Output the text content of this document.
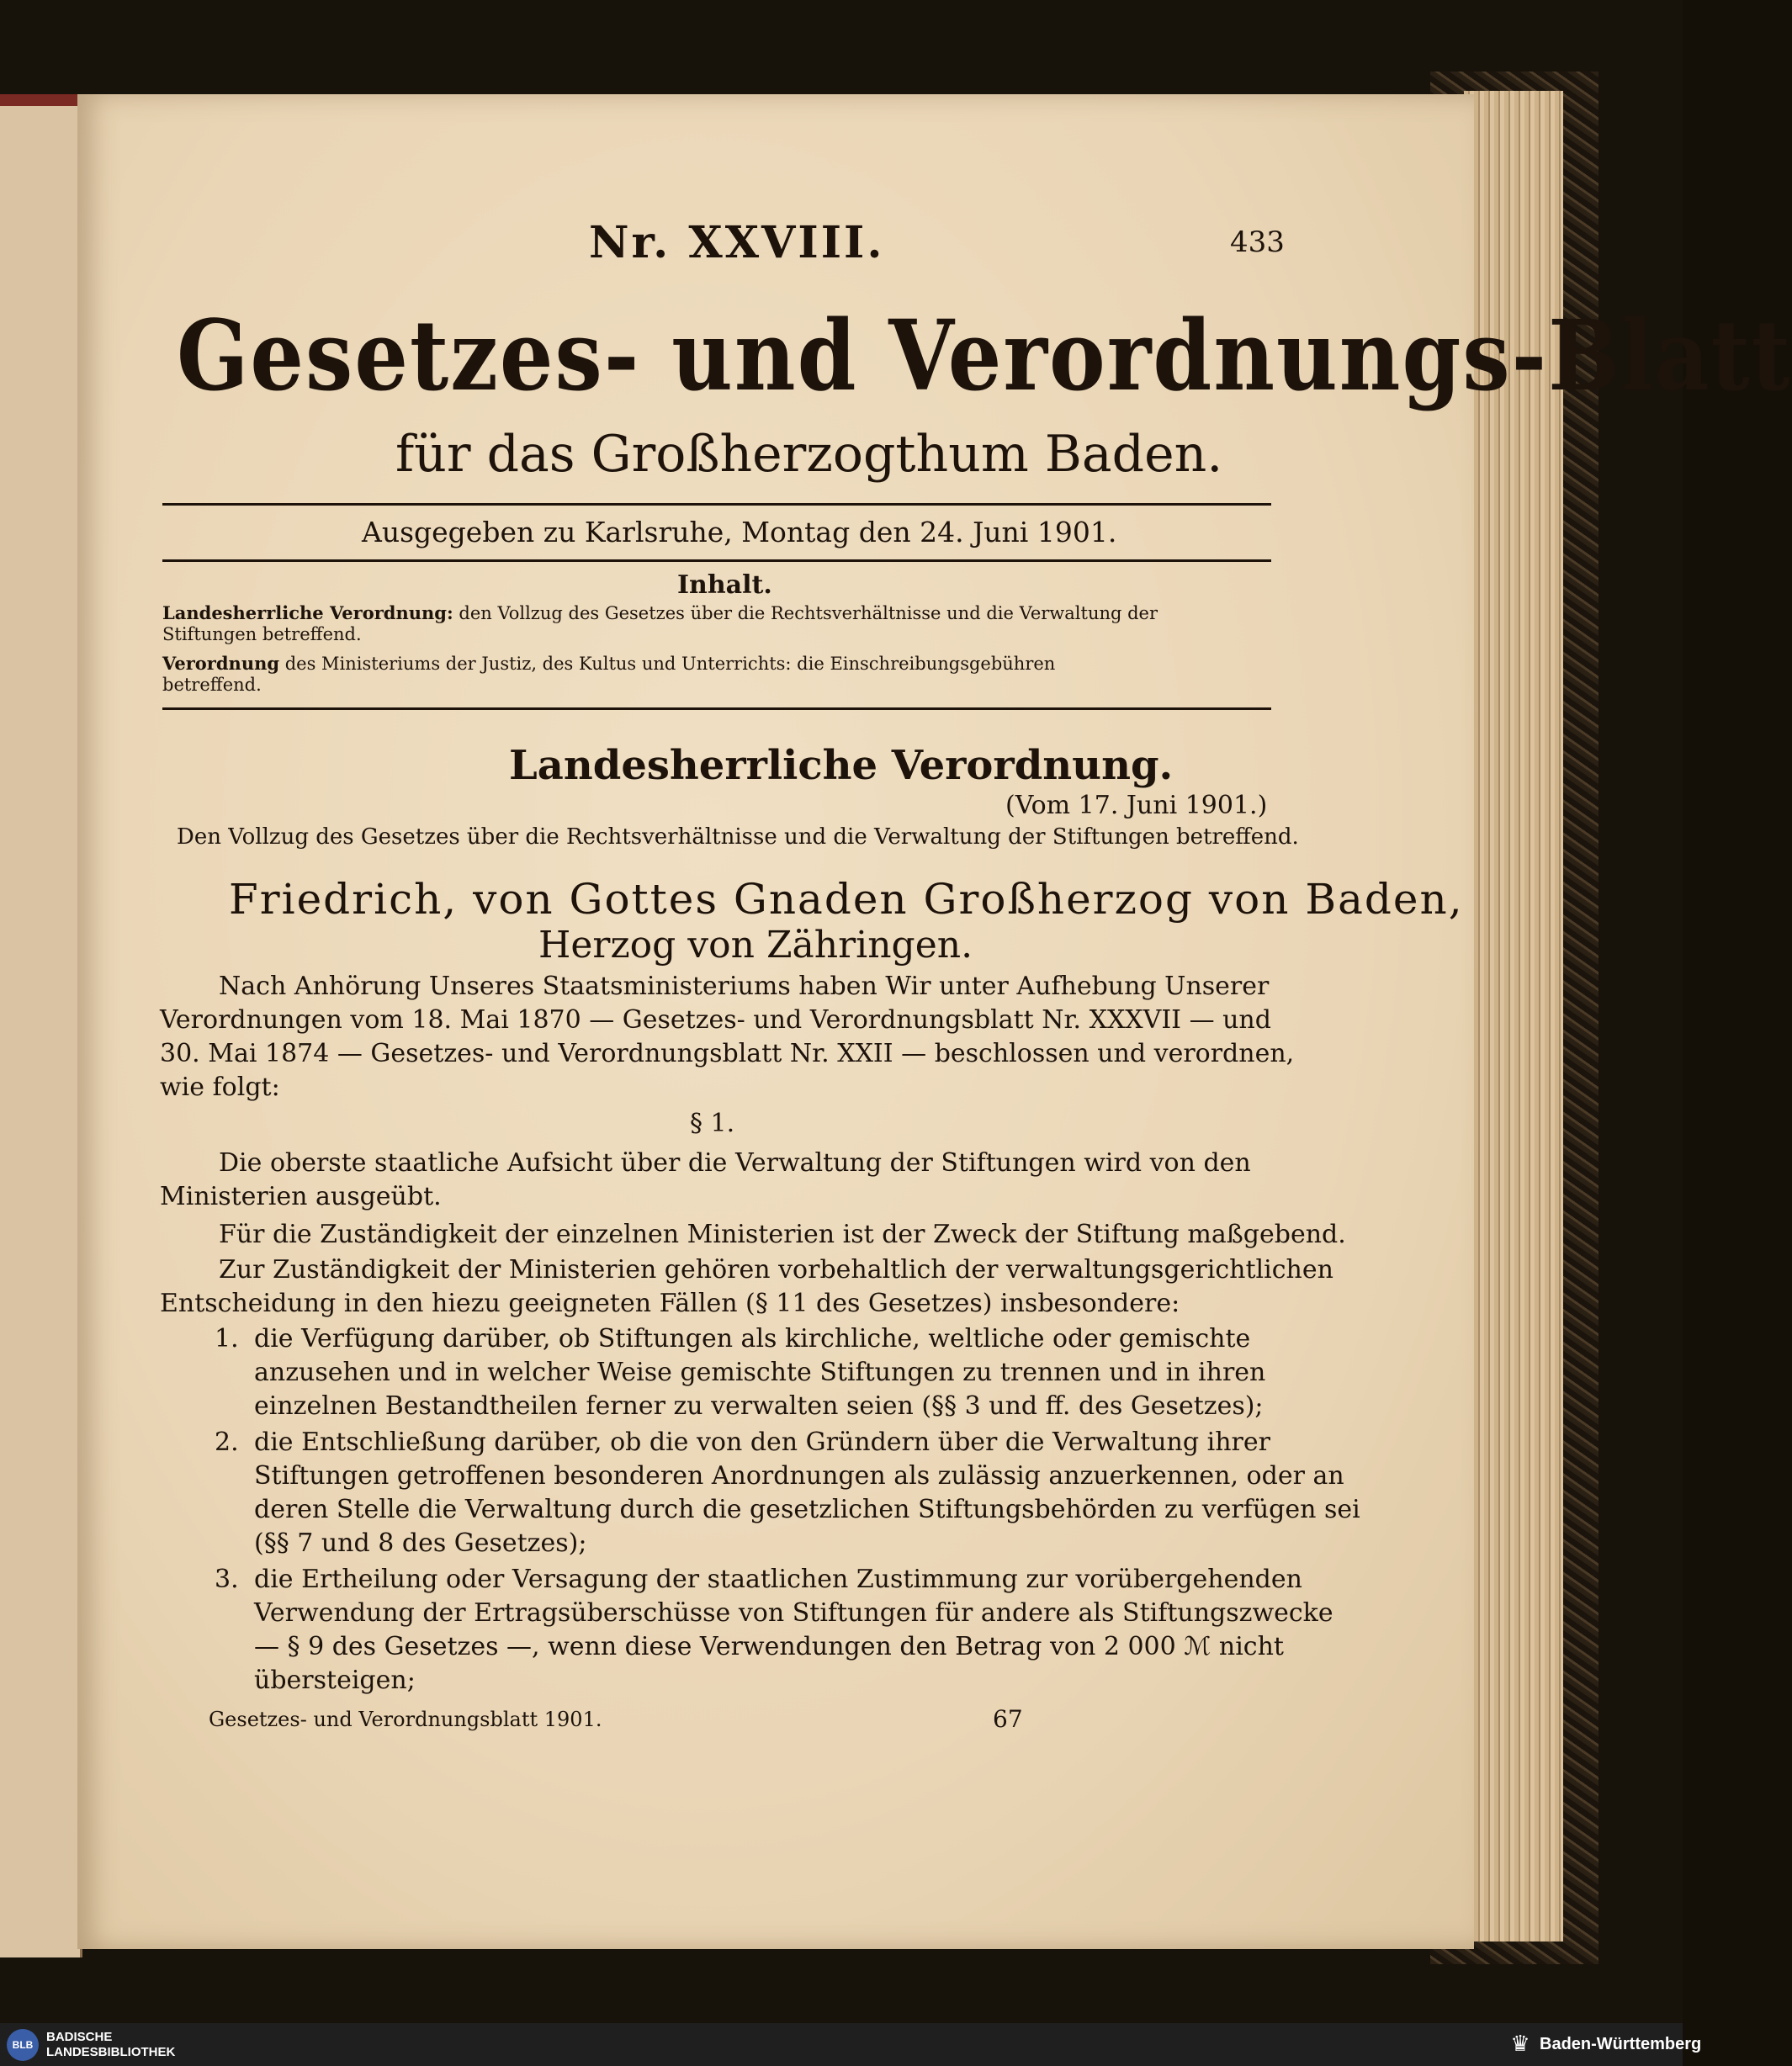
Nr. XXVIII.	433
Gesetzes- und Verordnungs-Blatt
für das Großherzogthum Baden.
Ausgegeben zu Karlsruhe, Montag den 24. Juni 1901.
Inhalt.
Landesherrliche Verordnung: den Vollzug des Gesetzes über die Rechtsverhältnisse und die Verwaltung der
Stiftungen betreffend.
Verordnung des Ministeriums der Justiz, des Kultus und Unterrichts: die Einschreibungsgebühren
betreffend.
Landesherrliche Verordnung.
(Vom 17. Juni 1901.)
Den Vollzug des Gesetzes über die Rechtsverhältnisse und die Verwaltung der Stiftungen betreffend.
Friedrich, von Gottes Gnaden Großherzog von Baden,
Herzog von Zähringen.
Nach Anhörung Unseres Staatsministeriums haben Wir unter Aufhebung Unserer
Verordnungen vom 18. Mai 1870 — Gesetzes- und Verordnungsblatt Nr. XXXVII — und
30. Mai 1874 — Gesetzes- und Verordnungsblatt Nr. XXII — beschlossen und verordnen,
wie folgt:
§ 1.
Die oberste staatliche Aufsicht über die Verwaltung der Stiftungen wird von den
Ministerien ausgeübt.
Für die Zuständigkeit der einzelnen Ministerien ist der Zweck der Stiftung maßgebend.
Zur Zuständigkeit der Ministerien gehören vorbehaltlich der verwaltungsgerichtlichen
Entscheidung in den hiezu geeigneten Fällen (§ 11 des Gesetzes) insbesondere:
1. die Verfügung darüber, ob Stiftungen als kirchliche, weltliche oder gemischte
anzusehen und in welcher Weise gemischte Stiftungen zu trennen und in ihren
einzelnen Bestandtheilen ferner zu verwalten seien (§§ 3 und ff. des Gesetzes);
2. die Entschließung darüber, ob die von den Gründern über die Verwaltung ihrer
Stiftungen getroffenen besonderen Anordnungen als zulässig anzuerkennen, oder an
deren Stelle die Verwaltung durch die gesetzlichen Stiftungsbehörden zu verfügen sei
(§§ 7 und 8 des Gesetzes);
3. die Ertheilung oder Versagung der staatlichen Zustimmung zur vorübergehenden
Verwendung der Ertragsüberschüsse von Stiftungen für andere als Stiftungszwecke
— § 9 des Gesetzes —, wenn diese Verwendungen den Betrag von 2 000 ℳ nicht
übersteigen;
Gesetzes- und Verordnungsblatt 1901.	67
BLB
BADISCHE
LANDESBIBLIOTHEK	♛ Baden-Württemberg
